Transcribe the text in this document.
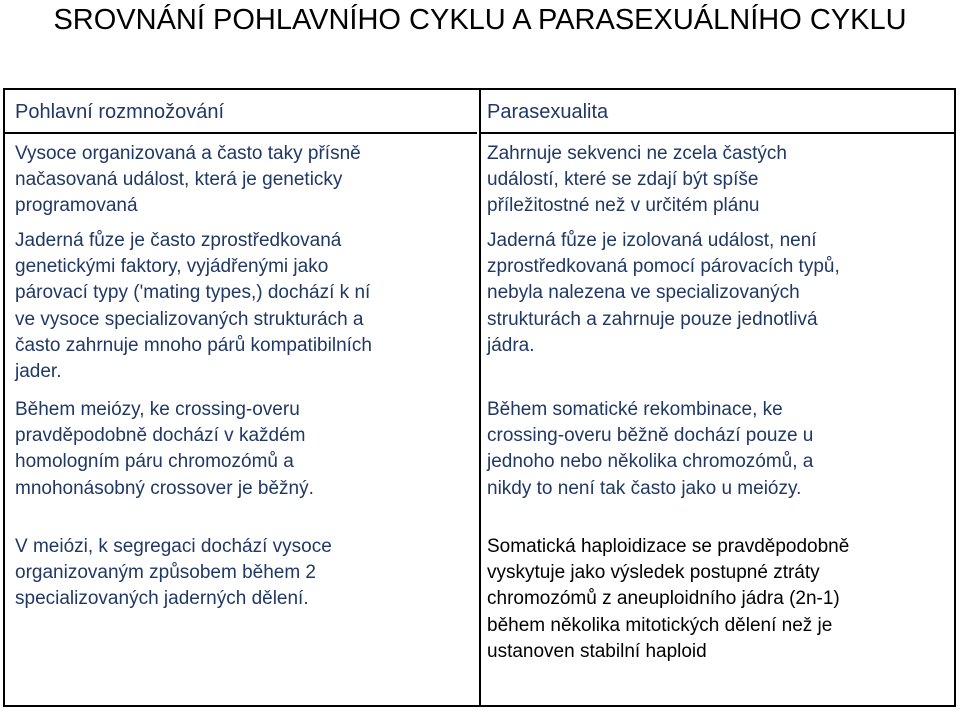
SROVNÁNÍ POHLAVNÍHO CYKLU A PARASEXUÁLNÍHO CYKLU
Pohlavní rozmnožování

Vysoce organizovaná a často taky přísně
načasovaná událost, která je geneticky
programovaná

Jaderná fůze je často zprostředkovaná
genetickými faktory, vyjádřenými jako
párovací typy ('mating types,) dochází k ní
ve vysoce specializovaných strukturách a
často zahrnuje mnoho párů kompatibilních
jader.

Během meiózy, ke crossing-overu
pravděpodobně dochází v každém
homologním páru chromozómů a
mnohonásobný crossover je běžný.

V meiózi, k segregaci dochází vysoce
organizovaným způsobem během 2
specializovaných jaderných dělení.

Parasexualita

Zahrnuje sekvenci ne zcela častých
událostí, které se zdají být spíše
příležitostné než v určitém plánu

Jaderná fůze je izolovaná událost, není
zprostředkovaná pomocí párovacích typů,
nebyla nalezena ve specializovaných
strukturách a zahrnuje pouze jednotlivá
jádra.

Během somatické rekombinace, ke
crossing-overu běžně dochází pouze u
jednoho nebo několika chromozómů, a
nikdy to není tak často jako u meiózy.

Somatická haploidizace se pravděpodobně
vyskytuje jako výsledek postupné ztráty
chromozómů z aneuploidního jádra (2n-1)
během několika mitotických dělení než je
ustanoven stabilní haploid
